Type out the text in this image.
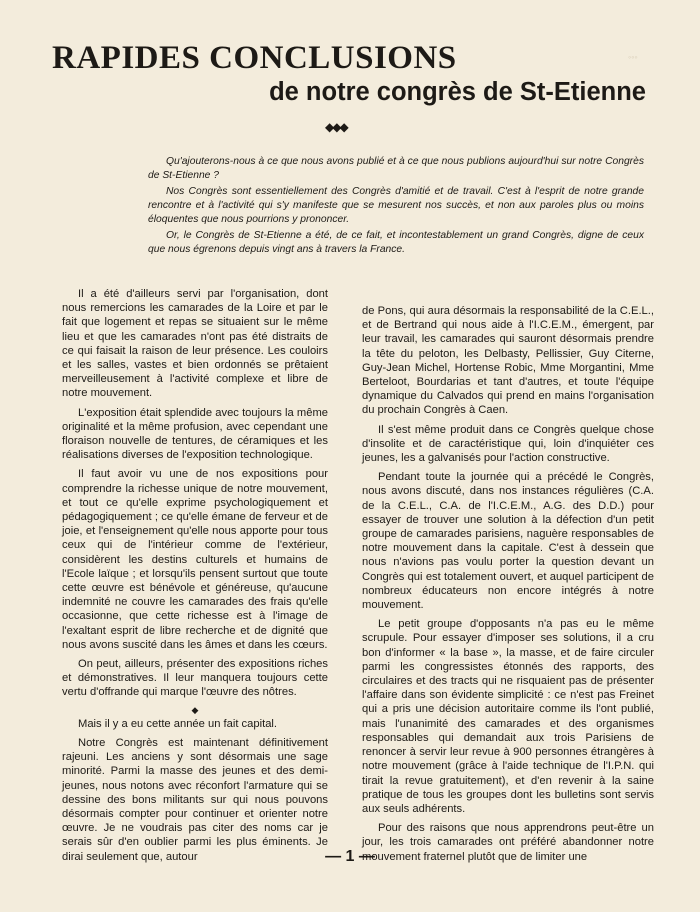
◦◦◦
RAPIDES CONCLUSIONS
de notre congrès de St-Etienne
◆◆◆

Qu'ajouterons-nous à ce que nous avons publié et à ce que nous publions aujourd'hui sur notre Congrès de St-Etienne ?

Nos Congrès sont essentiellement des Congrès d'amitié et de travail. C'est à l'esprit de notre grande rencontre et à l'activité qui s'y manifeste que se mesurent nos succès, et non aux paroles plus ou moins éloquentes que nous pourrions y prononcer.

Or, le Congrès de St-Etienne a été, de ce fait, et incontestablement un grand Congrès, digne de ceux que nous égrenons depuis vingt ans à travers la France.

Il a été d'ailleurs servi par l'organisation, dont nous remercions les camarades de la Loire et par le fait que logement et repas se situaient sur le même lieu et que les camarades n'ont pas été distraits de ce qui faisait la raison de leur présence. Les couloirs et les salles, vastes et bien ordonnés se prêtaient merveilleusement à l'activité complexe et libre de notre mouvement.

L'exposition était splendide avec toujours la même originalité et la même profusion, avec cependant une floraison nouvelle de tentures, de céramiques et les réalisations diverses de l'exposition technologique.

Il faut avoir vu une de nos expositions pour comprendre la richesse unique de notre mouvement, et tout ce qu'elle exprime psychologiquement et pédagogiquement ; ce qu'elle émane de ferveur et de joie, et l'enseignement qu'elle nous apporte pour tous ceux qui de l'intérieur comme de l'extérieur, considèrent les destins culturels et humains de l'Ecole laïque ; et lorsqu'ils pensent surtout que toute cette œuvre est bénévole et généreuse, qu'aucune indemnité ne couvre les camarades des frais qu'elle occasionne, que cette richesse est à l'image de l'exaltant esprit de libre recherche et de dignité que nous avons suscité dans les âmes et dans les cœurs.

On peut, ailleurs, présenter des expositions riches et démonstratives. Il leur manquera toujours cette vertu d'offrande qui marque l'œuvre des nôtres.

◆

Mais il y a eu cette année un fait capital.

Notre Congrès est maintenant définitivement rajeuni. Les anciens y sont désormais une sage minorité. Parmi la masse des jeunes et des demi-jeunes, nous notons avec réconfort l'armature qui se dessine des bons militants sur qui nous pouvons désormais compter pour continuer et orienter notre œuvre. Je ne voudrais pas citer des noms car je serais sûr d'en oublier parmi les plus éminents. Je dirai seulement que, autour

de Pons, qui aura désormais la responsabilité de la C.E.L., et de Bertrand qui nous aide à l'I.C.E.M., émergent, par leur travail, les camarades qui sauront désormais prendre la tête du peloton, les Delbasty, Pellissier, Guy Citerne, Guy-Jean Michel, Hortense Robic, Mme Morgantini, Mme Berteloot, Bourdarias et tant d'autres, et toute l'équipe dynamique du Calvados qui prend en mains l'organisation du prochain Congrès à Caen.

Il s'est même produit dans ce Congrès quelque chose d'insolite et de caractéristique qui, loin d'inquiéter ces jeunes, les a galvanisés pour l'action constructive.

Pendant toute la journée qui a précédé le Congrès, nous avons discuté, dans nos instances régulières (C.A. de la C.E.L., C.A. de l'I.C.E.M., A.G. des D.D.) pour essayer de trouver une solution à la défection d'un petit groupe de camarades parisiens, naguère responsables de notre mouvement dans la capitale. C'est à dessein que nous n'avions pas voulu porter la question devant un Congrès qui est totalement ouvert, et auquel participent de nombreux éducateurs non encore intégrés à notre mouvement.

Le petit groupe d'opposants n'a pas eu le même scrupule. Pour essayer d'imposer ses solutions, il a cru bon d'informer « la base », la masse, et de faire circuler parmi les congressistes étonnés des rapports, des circulaires et des tracts qui ne risquaient pas de présenter l'affaire dans son évidente simplicité : ce n'est pas Freinet qui a pris une décision autoritaire comme ils l'ont publié, mais l'unanimité des camarades et des organismes responsables qui demandait aux trois Parisiens de renoncer à servir leur revue à 900 personnes étrangères à notre mouvement (grâce à l'aide technique de l'I.P.N. qui tirait la revue gratuitement), et d'en revenir à la saine pratique de tous les groupes dont les bulletins sont servis aux seuls adhérents.

Pour des raisons que nous apprendrons peut-être un jour, les trois camarades ont préféré abandonner notre mouvement fraternel plutôt que de limiter une

— 1 —
